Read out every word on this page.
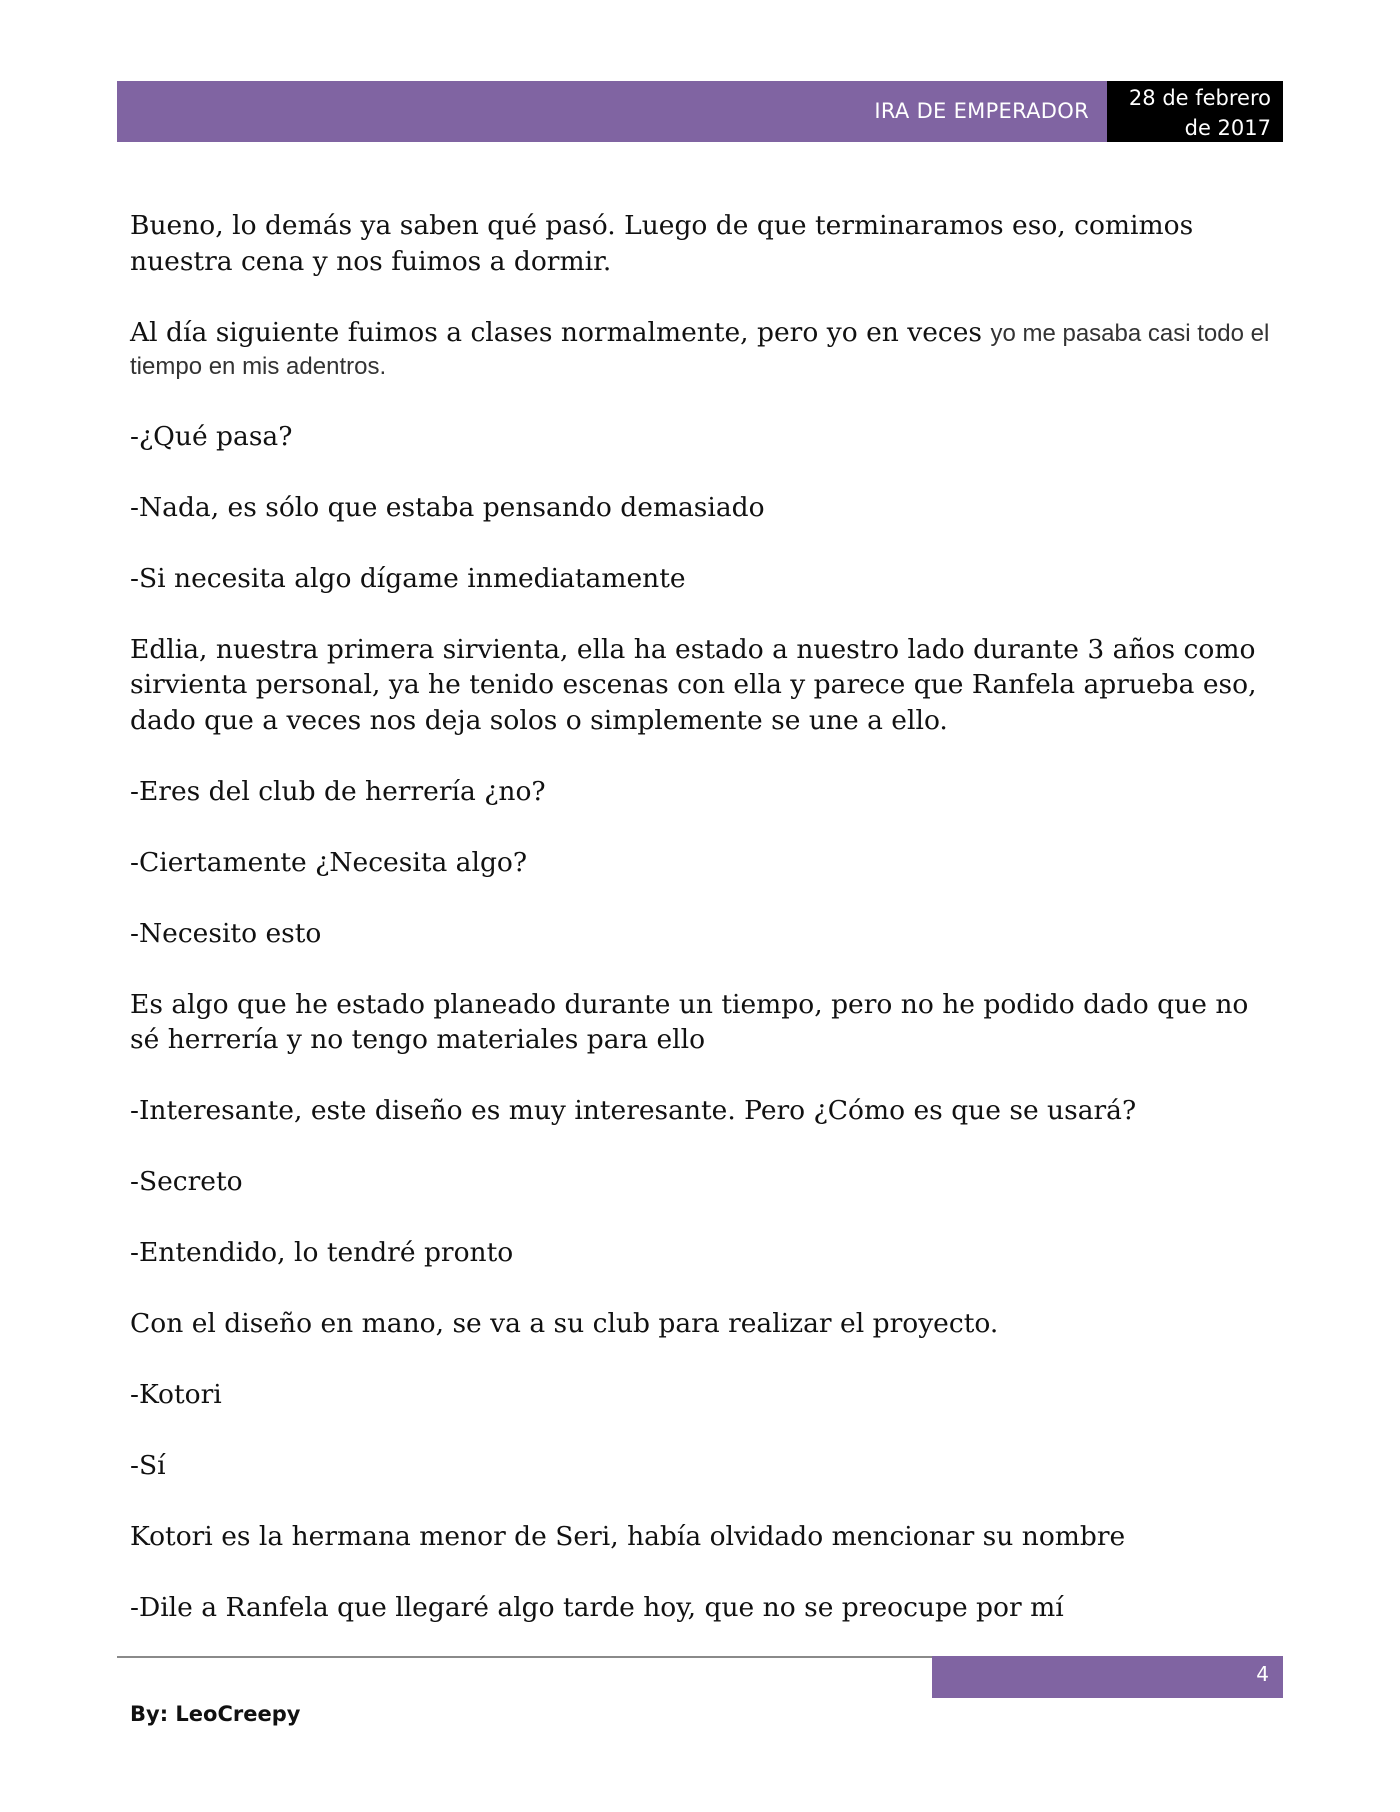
IRA DE EMPERADOR
28 de febrero
de 2017

Bueno, lo demás ya saben qué pasó. Luego de que terminaramos eso, comimos nuestra cena y nos fuimos a dormir.

Al día siguiente fuimos a clases normalmente, pero yo en veces yo me pasaba casi todo el
tiempo en mis adentros.

-¿Qué pasa?

-Nada, es sólo que estaba pensando demasiado

-Si necesita algo dígame inmediatamente

Edlia, nuestra primera sirvienta, ella ha estado a nuestro lado durante 3 años como sirvienta personal, ya he tenido escenas con ella y parece que Ranfela aprueba eso, dado que a veces nos deja solos o simplemente se une a ello.

-Eres del club de herrería ¿no?

-Ciertamente ¿Necesita algo?

-Necesito esto

Es algo que he estado planeado durante un tiempo, pero no he podido dado que no sé herrería y no tengo materiales para ello

-Interesante, este diseño es muy interesante. Pero ¿Cómo es que se usará?

-Secreto

-Entendido, lo tendré pronto

Con el diseño en mano, se va a su club para realizar el proyecto.

-Kotori

-Sí

Kotori es la hermana menor de Seri, había olvidado mencionar su nombre

-Dile a Ranfela que llegaré algo tarde hoy, que no se preocupe por mí

4
By: LeoCreepy
